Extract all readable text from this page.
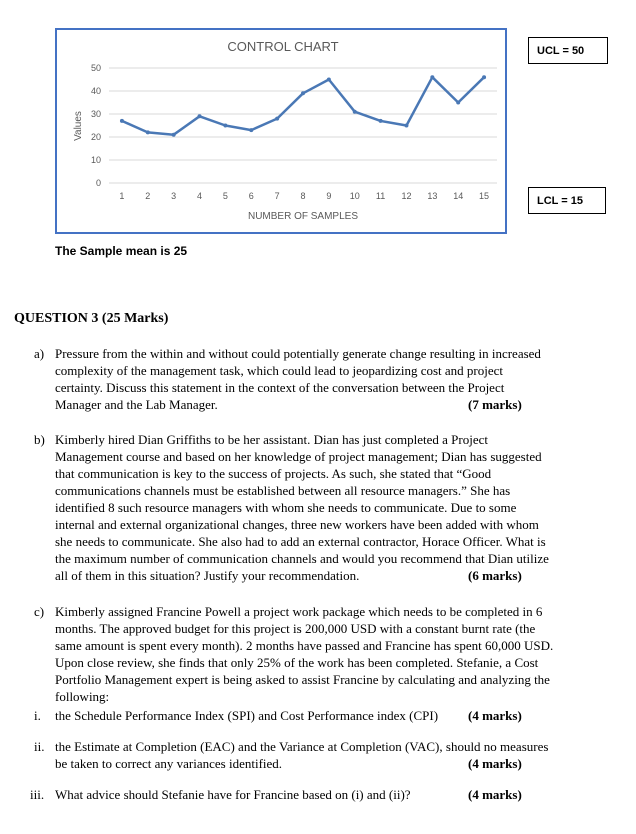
CONTROL CHART
Values
NUMBER OF SAMPLES
0
10
20
30
40
50
1 2 3 4 5 6 7 8 9 10 11 12 13 14 15
UCL = 50
LCL = 15
The Sample mean is 25
QUESTION 3 (25 Marks)
a) Pressure from the within and without could potentially generate change resulting in increased
complexity of the management task, which could lead to jeopardizing cost and project
certainty. Discuss this statement in the context of the conversation between the Project
Manager and the Lab Manager.	(7 marks)
b) Kimberly hired Dian Griffiths to be her assistant. Dian has just completed a Project
Management course and based on her knowledge of project management; Dian has suggested
that communication is key to the success of projects. As such, she stated that “Good
communications channels must be established between all resource managers.” She has
identified 8 such resource managers with whom she needs to communicate. Due to some
internal and external organizational changes, three new workers have been added with whom
she needs to communicate. She also had to add an external contractor, Horace Officer. What is
the maximum number of communication channels and would you recommend that Dian utilize
all of them in this situation? Justify your recommendation.	(6 marks)
c) Kimberly assigned Francine Powell a project work package which needs to be completed in 6
months. The approved budget for this project is 200,000 USD with a constant burnt rate (the
same amount is spent every month). 2 months have passed and Francine has spent 60,000 USD.
Upon close review, she finds that only 25% of the work has been completed. Stefanie, a Cost
Portfolio Management expert is being asked to assist Francine by calculating and analyzing the
following:
i. the Schedule Performance Index (SPI) and Cost Performance index (CPI)	(4 marks)
ii. the Estimate at Completion (EAC) and the Variance at Completion (VAC), should no measures
be taken to correct any variances identified.	(4 marks)
iii. What advice should Stefanie have for Francine based on (i) and (ii)?	(4 marks)
